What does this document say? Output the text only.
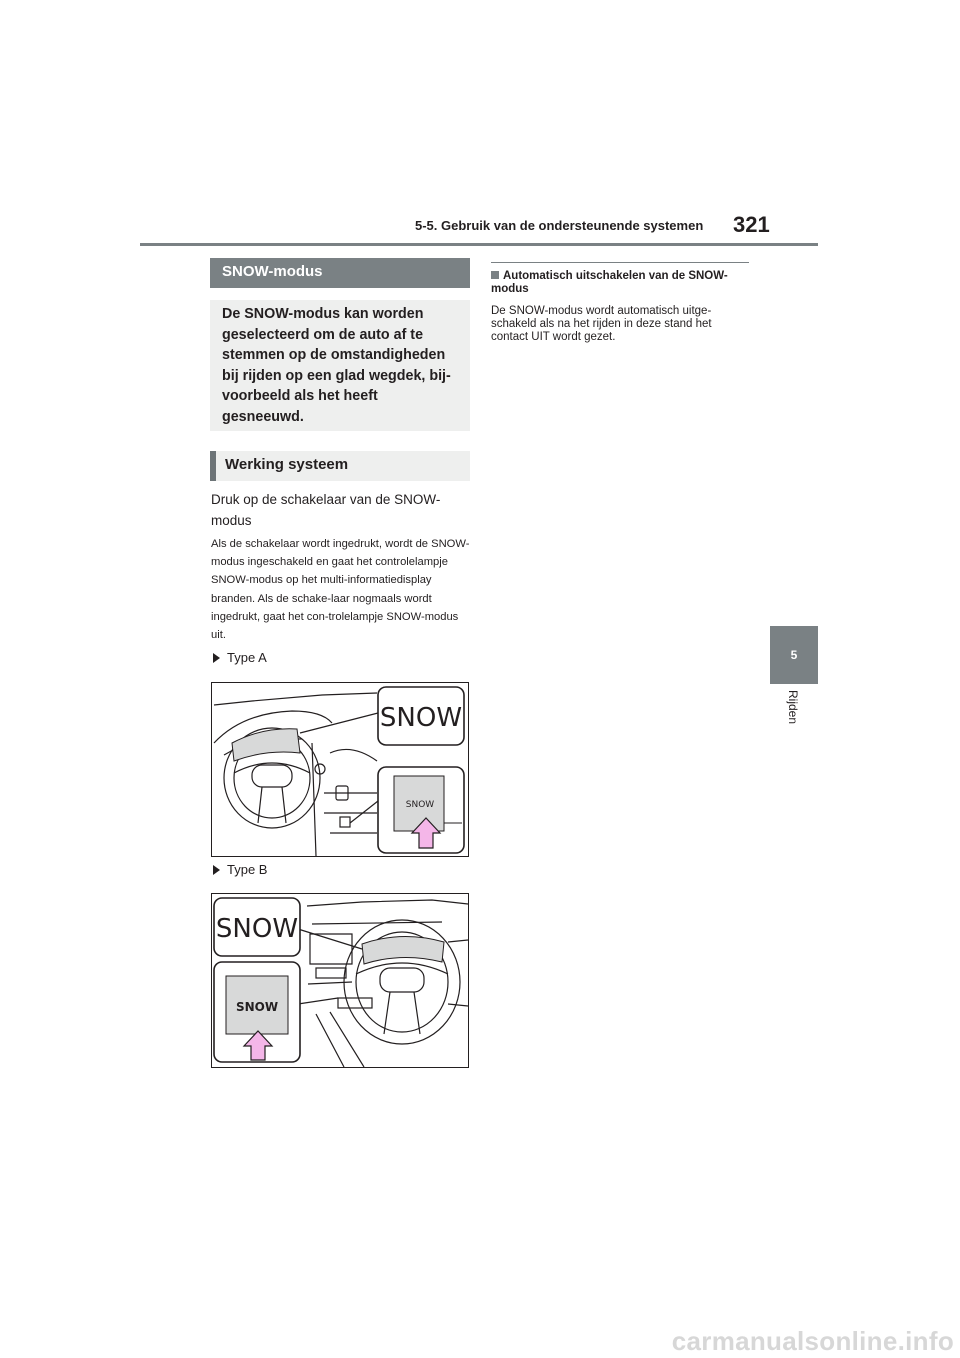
5-5. Gebruik van de ondersteunende systemen 321
5
Rijden
SNOW-modus
De SNOW-modus kan worden geselecteerd om de auto af te stemmen op de omstandigheden bij rijden op een glad wegdek, bij-voorbeeld als het heeft gesneeuwd.
Werking systeem
Druk op de schakelaar van de SNOW-modus
Als de schakelaar wordt ingedrukt, wordt de SNOW-modus ingeschakeld en gaat het controlelampje SNOW-modus op het multi-informatiedisplay branden. Als de schake-laar nogmaals wordt ingedrukt, gaat het con-trolelampje SNOW-modus uit.
Type A
SNOW
SNOW
Type B
SNOW
SNOW
Automatisch uitschakelen van de SNOW-modus
De SNOW-modus wordt automatisch uitge-schakeld als na het rijden in deze stand het contact UIT wordt gezet.
carmanualsonline.info
